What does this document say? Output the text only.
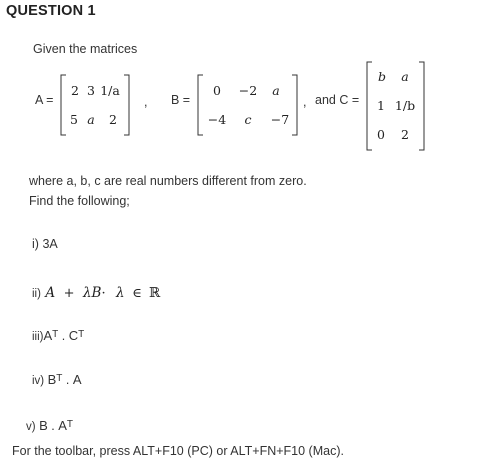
QUESTION 1
Given the matrices
A =
2 3 1/a
5 a 2
, B =
0 −2 a
−4 c −7
, and C =
b a
1 1/b
0 2
where a, b, c are real numbers different from zero.
Find the following;
i) 3A
ii) A + λB· λ ∈ ℝ
$iii)A^T$ . $C^T$
iv) $B^T$ . A
v) B . $A^T$
For the toolbar, press ALT+F10 (PC) or ALT+FN+F10 (Mac).
